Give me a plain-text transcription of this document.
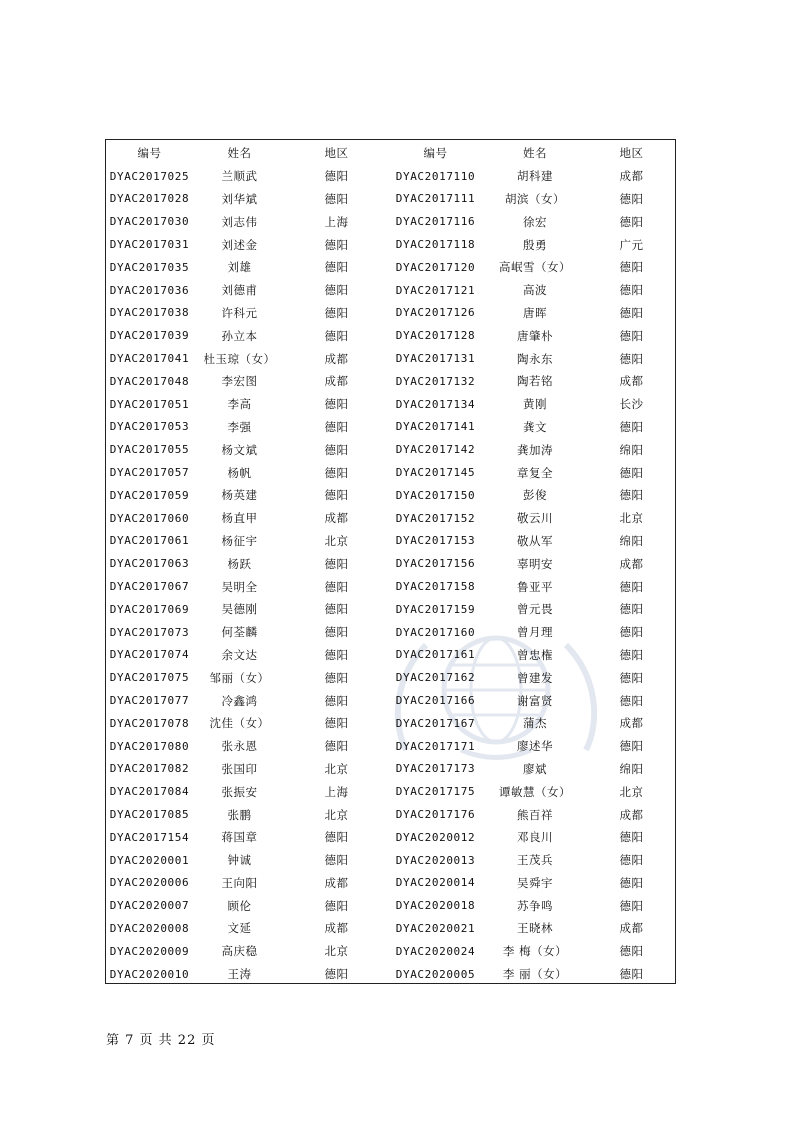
编号	姓名	地区	编号	姓名	地区
DYAC2017025	兰顺武	德阳	DYAC2017110	胡科建	成都
DYAC2017028	刘华斌	德阳	DYAC2017111	胡滨（女）	德阳
DYAC2017030	刘志伟	上海	DYAC2017116	徐宏	德阳
DYAC2017031	刘述金	德阳	DYAC2017118	殷勇	广元
DYAC2017035	刘雄	德阳	DYAC2017120	高岷雪（女）	德阳
DYAC2017036	刘德甫	德阳	DYAC2017121	高波	德阳
DYAC2017038	许科元	德阳	DYAC2017126	唐晖	德阳
DYAC2017039	孙立本	德阳	DYAC2017128	唐肇朴	德阳
DYAC2017041	杜玉琼（女）	成都	DYAC2017131	陶永东	德阳
DYAC2017048	李宏图	成都	DYAC2017132	陶若铭	成都
DYAC2017051	李高	德阳	DYAC2017134	黄刚	长沙
DYAC2017053	李强	德阳	DYAC2017141	龚文	德阳
DYAC2017055	杨文斌	德阳	DYAC2017142	龚加涛	绵阳
DYAC2017057	杨帆	德阳	DYAC2017145	章复全	德阳
DYAC2017059	杨英建	德阳	DYAC2017150	彭俊	德阳
DYAC2017060	杨直甲	成都	DYAC2017152	敬云川	北京
DYAC2017061	杨征宇	北京	DYAC2017153	敬从军	绵阳
DYAC2017063	杨跃	德阳	DYAC2017156	辜明安	成都
DYAC2017067	吴明全	德阳	DYAC2017158	鲁亚平	德阳
DYAC2017069	吴德刚	德阳	DYAC2017159	曾元畏	德阳
DYAC2017073	何荃麟	德阳	DYAC2017160	曾月理	德阳
DYAC2017074	余文达	德阳	DYAC2017161	曾忠権	德阳
DYAC2017075	邹丽（女）	德阳	DYAC2017162	曾建发	德阳
DYAC2017077	冷鑫鸿	德阳	DYAC2017166	谢富贤	德阳
DYAC2017078	沈佳（女）	德阳	DYAC2017167	蒲杰	成都
DYAC2017080	张永恩	德阳	DYAC2017171	廖述华	德阳
DYAC2017082	张国印	北京	DYAC2017173	廖斌	绵阳
DYAC2017084	张振安	上海	DYAC2017175	谭敏慧（女）	北京
DYAC2017085	张鹏	北京	DYAC2017176	熊百祥	成都
DYAC2017154	蒋国章	德阳	DYAC2020012	邓良川	德阳
DYAC2020001	钟诚	德阳	DYAC2020013	王茂兵	德阳
DYAC2020006	王向阳	成都	DYAC2020014	吴舜宇	德阳
DYAC2020007	顾伦	德阳	DYAC2020018	苏争鸣	德阳
DYAC2020008	文延	成都	DYAC2020021	王晓林	成都
DYAC2020009	高庆稳	北京	DYAC2020024	李 梅（女）	德阳
DYAC2020010	王涛	德阳	DYAC2020005	李 丽（女）	德阳
第 7 页 共 22 页
